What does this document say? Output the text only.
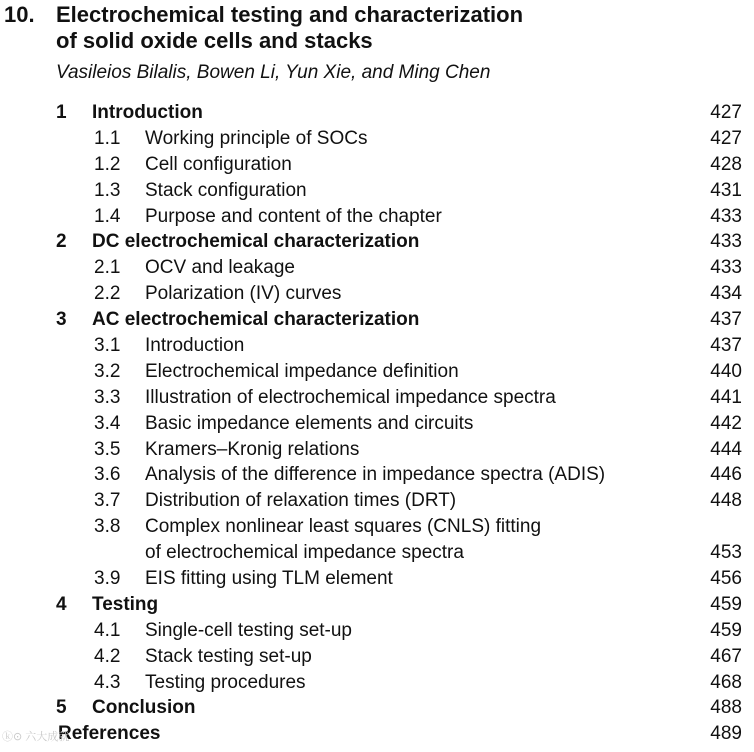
10. Electrochemical testing and characterization
of solid oxide cells and stacks
Vasileios Bilalis, Bowen Li, Yun Xie, and Ming Chen
1 Introduction	427
1.1 Working principle of SOCs	427
1.2 Cell configuration	428
1.3 Stack configuration	431
1.4 Purpose and content of the chapter	433
2 DC electrochemical characterization	433
2.1 OCV and leakage	433
2.2 Polarization (IV) curves	434
3 AC electrochemical characterization	437
3.1 Introduction	437
3.2 Electrochemical impedance definition	440
3.3 Illustration of electrochemical impedance spectra	441
3.4 Basic impedance elements and circuits	442
3.5 Kramers–Kronig relations	444
3.6 Analysis of the difference in impedance spectra (ADIS)	446
3.7 Distribution of relaxation times (DRT)	448
3.8 Complex nonlinear least squares (CNLS) fitting
of electrochemical impedance spectra	453
3.9 EIS fitting using TLM element	456
4 Testing	459
4.1 Single-cell testing set-up	459
4.2 Stack testing set-up	467
4.3 Testing procedures	468
5 Conclusion	488
References	489
ⓚ⊙ 六大成就
